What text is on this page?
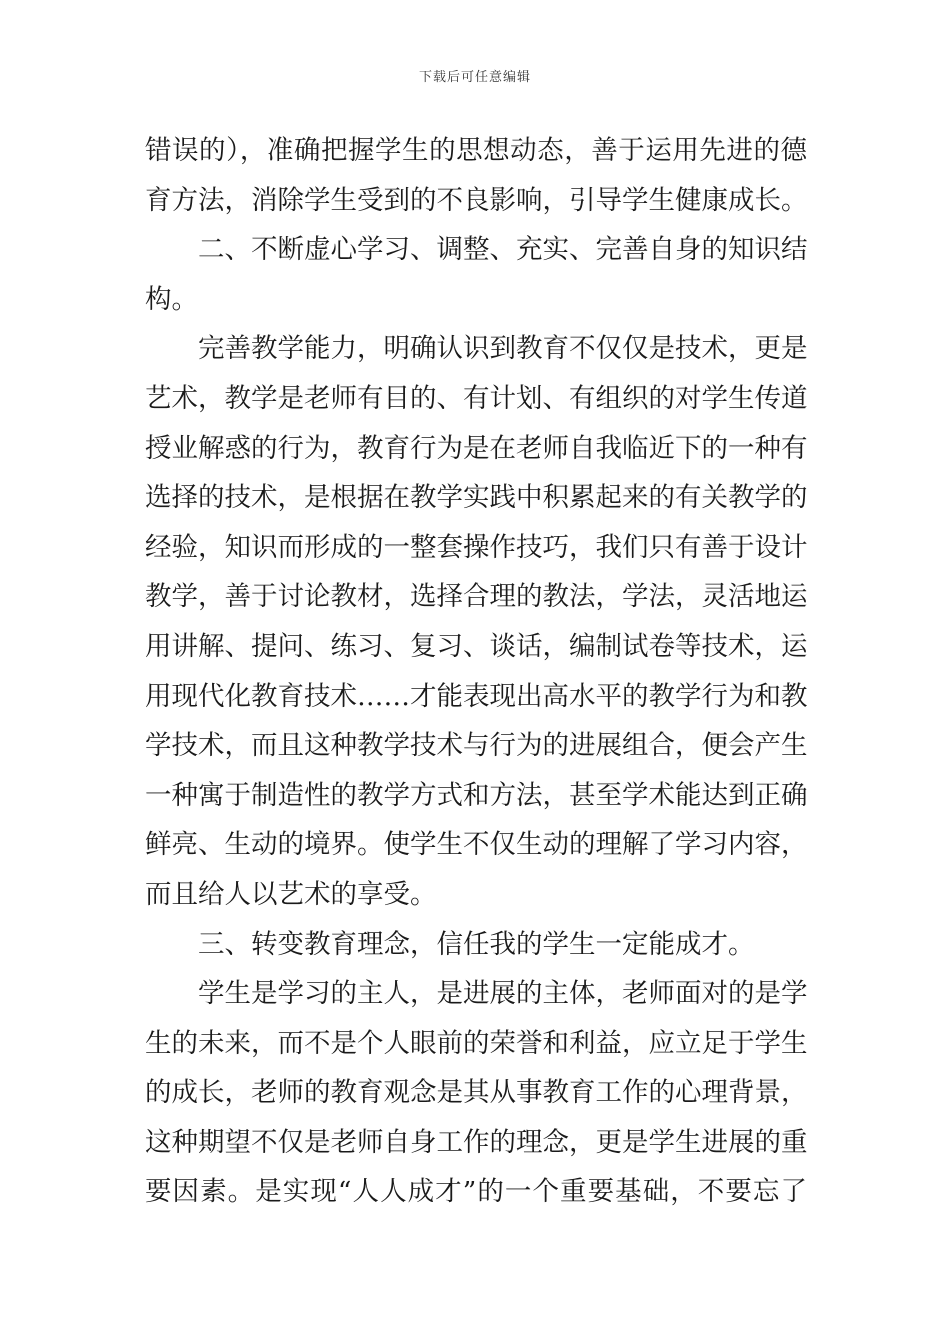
下载后可任意编辑
错误的），准确把握学生的思想动态，善于运用先进的德
育方法，消除学生受到的不良影响，引导学生健康成长。
二、不断虚心学习、调整、充实、完善自身的知识结
构。
完善教学能力，明确认识到教育不仅仅是技术，更是
艺术，教学是老师有目的、有计划、有组织的对学生传道
授业解惑的行为，教育行为是在老师自我临近下的一种有
选择的技术，是根据在教学实践中积累起来的有关教学的
经验，知识而形成的一整套操作技巧，我们只有善于设计
教学，善于讨论教材，选择合理的教法，学法，灵活地运
用讲解、提问、练习、复习、谈话，编制试卷等技术，运
用现代化教育技术……才能表现出高水平的教学行为和教
学技术，而且这种教学技术与行为的进展组合，便会产生
一种寓于制造性的教学方式和方法，甚至学术能达到正确
鲜亮、生动的境界。使学生不仅生动的理解了学习内容，
而且给人以艺术的享受。
三、转变教育理念，信任我的学生一定能成才。
学生是学习的主人，是进展的主体，老师面对的是学
生的未来，而不是个人眼前的荣誉和利益，应立足于学生
的成长，老师的教育观念是其从事教育工作的心理背景，
这种期望不仅是老师自身工作的理念，更是学生进展的重
要因素。是实现“人人成才”的一个重要基础，不要忘了
